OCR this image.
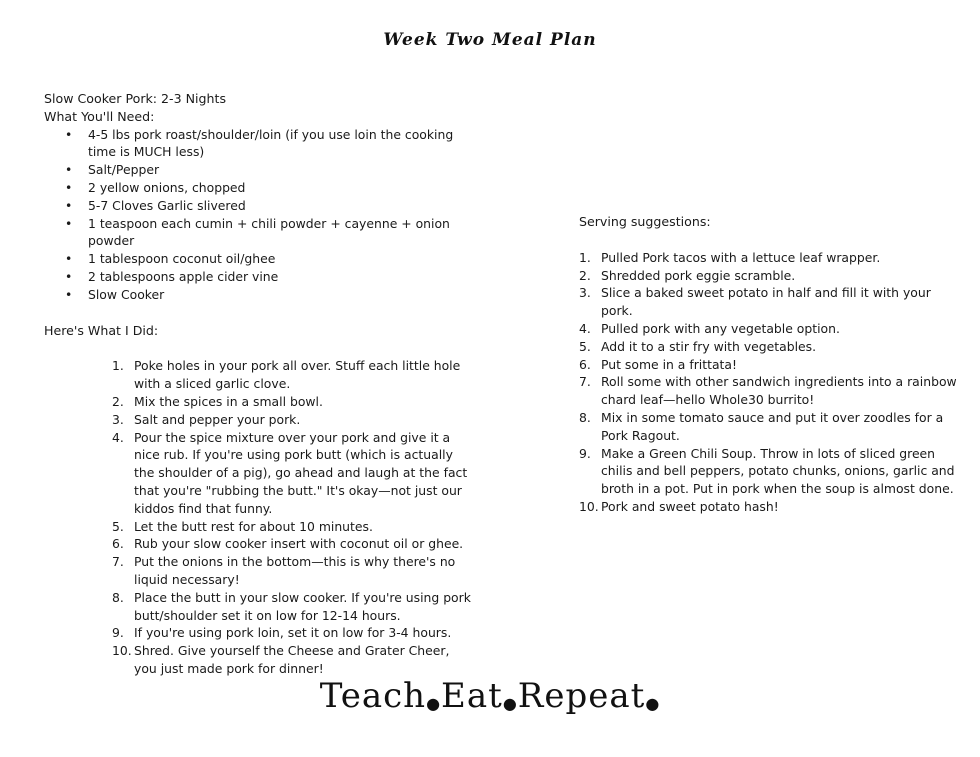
Week Two Meal Plan

Slow Cooker Pork: 2-3 Nights

What You'll Need:

• 4-5 lbs pork roast/shoulder/loin (if you use loin the cooking time is MUCH less)
• Salt/Pepper
• 2 yellow onions, chopped
• 5-7 Cloves Garlic slivered
• 1 teaspoon each cumin + chili powder + cayenne + onion powder
• 1 tablespoon coconut oil/ghee
• 2 tablespoons apple cider vine
• Slow Cooker

Here's What I Did:

1. Poke holes in your pork all over. Stuff each little hole with a sliced garlic clove.
2. Mix the spices in a small bowl.
3. Salt and pepper your pork.
4. Pour the spice mixture over your pork and give it a nice rub. If you're using pork butt (which is actually the shoulder of a pig), go ahead and laugh at the fact that you're "rubbing the butt." It's okay—not just our kiddos find that funny.
5. Let the butt rest for about 10 minutes.
6. Rub your slow cooker insert with coconut oil or ghee.
7. Put the onions in the bottom—this is why there's no liquid necessary!
8. Place the butt in your slow cooker. If you're using pork butt/shoulder set it on low for 12-14 hours.
9. If you're using pork loin, set it on low for 3-4 hours.
10. Shred. Give yourself the Cheese and Grater Cheer, you just made pork for dinner!

Serving suggestions:

1. Pulled Pork tacos with a lettuce leaf wrapper.
2. Shredded pork eggie scramble.
3. Slice a baked sweet potato in half and fill it with your pork.
4. Pulled pork with any vegetable option.
5. Add it to a stir fry with vegetables.
6. Put some in a frittata!
7. Roll some with other sandwich ingredients into a rainbow chard leaf—hello Whole30 burrito!
8. Mix in some tomato sauce and put it over zoodles for a Pork Ragout.
9. Make a Green Chili Soup. Throw in lots of sliced green chilis and bell peppers, potato chunks, onions, garlic and broth in a pot. Put in pork when the soup is almost done.
10. Pork and sweet potato hash!
Teach●Eat●Repeat●
